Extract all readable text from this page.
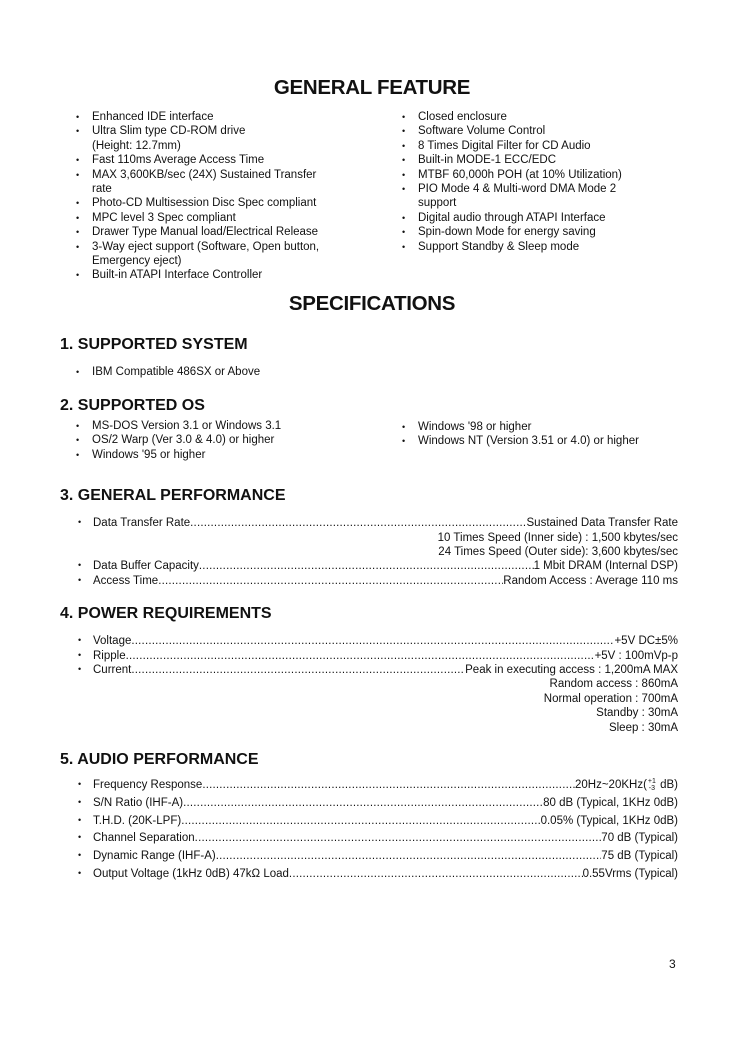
GENERAL FEATURE
• Enhanced IDE interface
• Ultra Slim type CD-ROM drive
(Height: 12.7mm)
• Fast 110ms Average Access Time
• MAX 3,600KB/sec (24X) Sustained Transfer
rate
• Photo-CD Multisession Disc Spec compliant
• MPC level 3 Spec compliant
• Drawer Type Manual load/Electrical Release
• 3-Way eject support (Software, Open button,
Emergency eject)
• Built-in ATAPI Interface Controller
• Closed enclosure
• Software Volume Control
• 8 Times Digital Filter for CD Audio
• Built-in MODE-1 ECC/EDC
• MTBF 60,000h POH (at 10% Utilization)
• PIO Mode 4 & Multi-word DMA Mode 2
support
• Digital audio through ATAPI Interface
• Spin-down Mode for energy saving
• Support Standby & Sleep mode
SPECIFICATIONS
1. SUPPORTED SYSTEM
• IBM Compatible 486SX or Above
2. SUPPORTED OS
• MS-DOS Version 3.1 or Windows 3.1
• OS/2 Warp (Ver 3.0 & 4.0) or higher
• Windows '95 or higher
• Windows '98 or higher
• Windows NT (Version 3.51 or 4.0) or higher
3. GENERAL PERFORMANCE
• Data Transfer Rate .....	Sustained Data Transfer Rate
10 Times Speed (Inner side) : 1,500 kbytes/sec
24 Times Speed (Outer side): 3,600 kbytes/sec
• Data Buffer Capacity .....	1 Mbit DRAM (Internal DSP)
• Access Time .....	Random Access : Average 110 ms
4. POWER REQUIREMENTS
• Voltage .....	+5V DC±5%
• Ripple .....	+5V : 100mVp-p
• Current .....	Peak in executing access : 1,200mA MAX
Random access : 860mA
Normal operation : 700mA
Standby : 30mA
Sleep : 30mA
5. AUDIO PERFORMANCE
• Frequency Response .....	20Hz~20KHz(+1
-3 dB)
• S/N Ratio (IHF-A) .....	80 dB (Typical, 1KHz 0dB)
• T.H.D. (20K-LPF) .....	0.05% (Typical, 1KHz 0dB)
• Channel Separation .....	70 dB (Typical)
• Dynamic Range (IHF-A) .....	75 dB (Typical)
• Output Voltage (1kHz 0dB) 47kΩ Load .....	0.55Vrms (Typical)
3
